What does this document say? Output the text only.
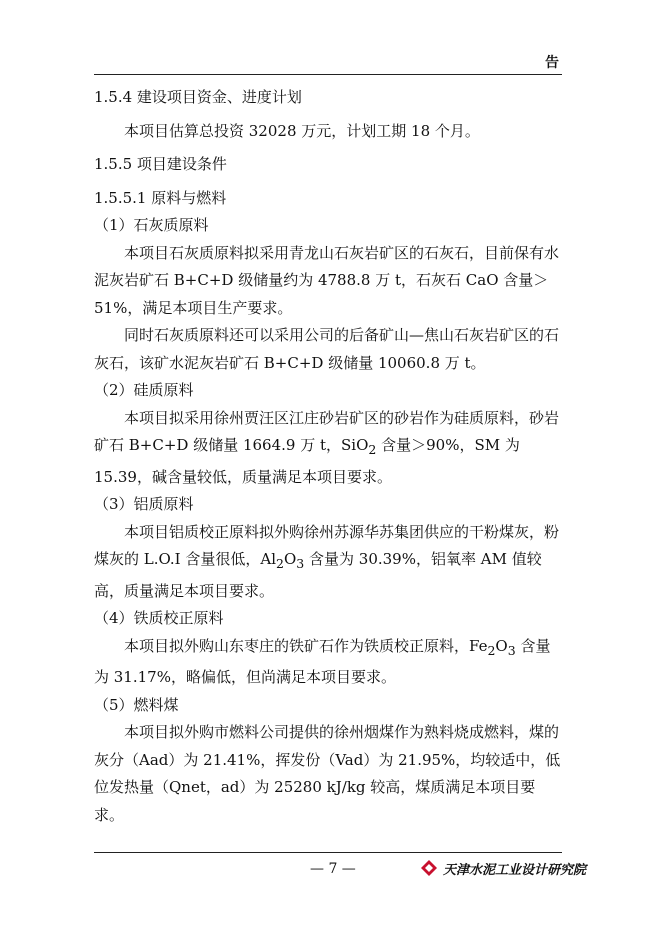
告

1.5.4 建设项目资金、进度计划

本项目估算总投资 32028 万元，计划工期 18 个月。

1.5.5 项目建设条件

1.5.5.1 原料与燃料

（1）石灰质原料

本项目石灰质原料拟采用青龙山石灰岩矿区的石灰石，目前保有水泥灰岩矿石 B+C+D 级储量约为 4788.8 万 t，石灰石 CaO 含量＞51%，满足本项目生产要求。

同时石灰质原料还可以采用公司的后备矿山—焦山石灰岩矿区的石灰石，该矿水泥灰岩矿石 B+C+D 级储量 10060.8 万 t。

（2）硅质原料

本项目拟采用徐州贾汪区江庄砂岩矿区的砂岩作为硅质原料，砂岩矿石 B+C+D 级储量 1664.9 万 t，SiO$_2$ 含量＞90%，SM 为 15.39，碱含量较低，质量满足本项目要求。

（3）铝质原料

本项目铝质校正原料拟外购徐州苏源华苏集团供应的干粉煤灰，粉煤灰的 L.O.I 含量很低，$Al_2O_3$ 含量为 30.39%，铝氧率 AM 值较高，质量满足本项目要求。

（4）铁质校正原料

本项目拟外购山东枣庄的铁矿石作为铁质校正原料，$Fe_2O_3$ 含量为 31.17%，略偏低，但尚满足本项目要求。

（5）燃料煤

本项目拟外购市燃料公司提供的徐州烟煤作为熟料烧成燃料，煤的灰分（Aad）为 21.41%，挥发份（Vad）为 21.95%，均较适中，低位发热量（Qnet，ad）为 25280 kJ/kg 较高，煤质满足本项目要求。

— 7 —	天津水泥工业设计研究院
